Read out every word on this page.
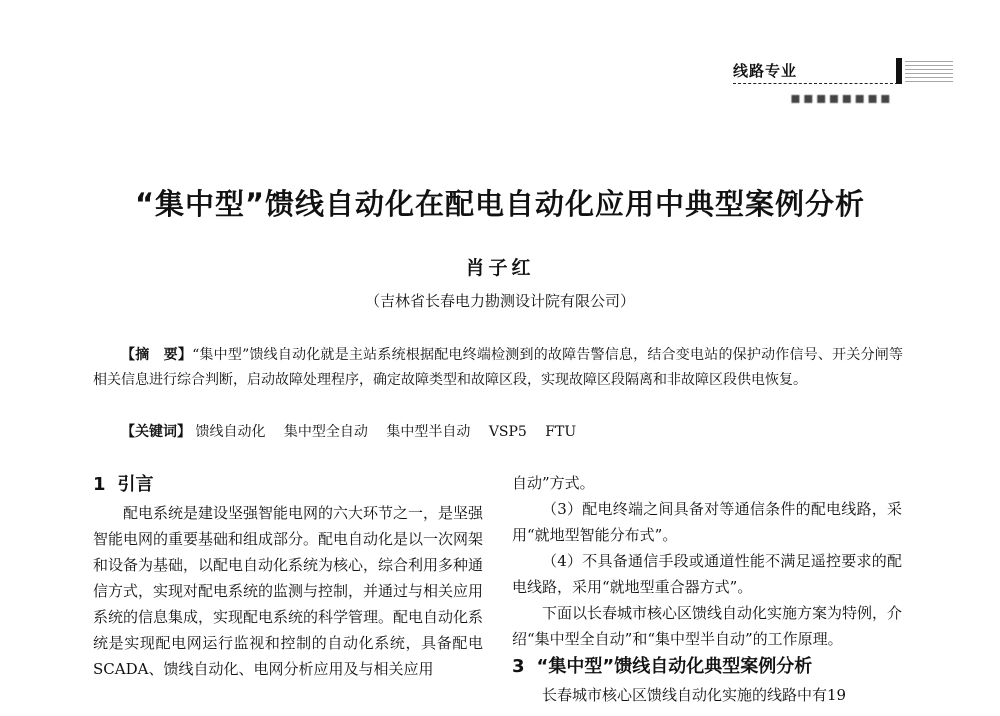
线路专业
▪▪▪▪▪▪▪▪
“集中型”馈线自动化在配电自动化应用中典型案例分析
肖子红
（吉林省长春电力勘测设计院有限公司）
【摘　要】“集中型”馈线自动化就是主站系统根据配电终端检测到的故障告警信息，结合变电站的保护动作信号、开关分闸等相关信息进行综合判断，启动故障处理程序，确定故障类型和故障区段，实现故障区段隔离和非故障区段供电恢复。
【关键词】 馈线自动化 集中型全自动 集中型半自动 VSP5 FTU
1 引言

配电系统是建设坚强智能电网的六大环节之一，是坚强智能电网的重要基础和组成部分。配电自动化是以一次网架和设备为基础，以配电自动化系统为核心，综合利用多种通信方式，实现对配电系统的监测与控制，并通过与相关应用系统的信息集成，实现配电系统的科学管理。配电自动化系统是实现配电网运行监视和控制的自动化系统，具备配电SCADA、馈线自动化、电网分析应用及与相关应用

自动”方式。

（3）配电终端之间具备对等通信条件的配电线路，采用“就地型智能分布式”。

（4）不具备通信手段或通道性能不满足遥控要求的配电线路，采用“就地型重合器方式”。

下面以长春城市核心区馈线自动化实施方案为特例，介绍“集中型全自动”和“集中型半自动”的工作原理。

3 “集中型”馈线自动化典型案例分析

长春城市核心区馈线自动化实施的线路中有19
